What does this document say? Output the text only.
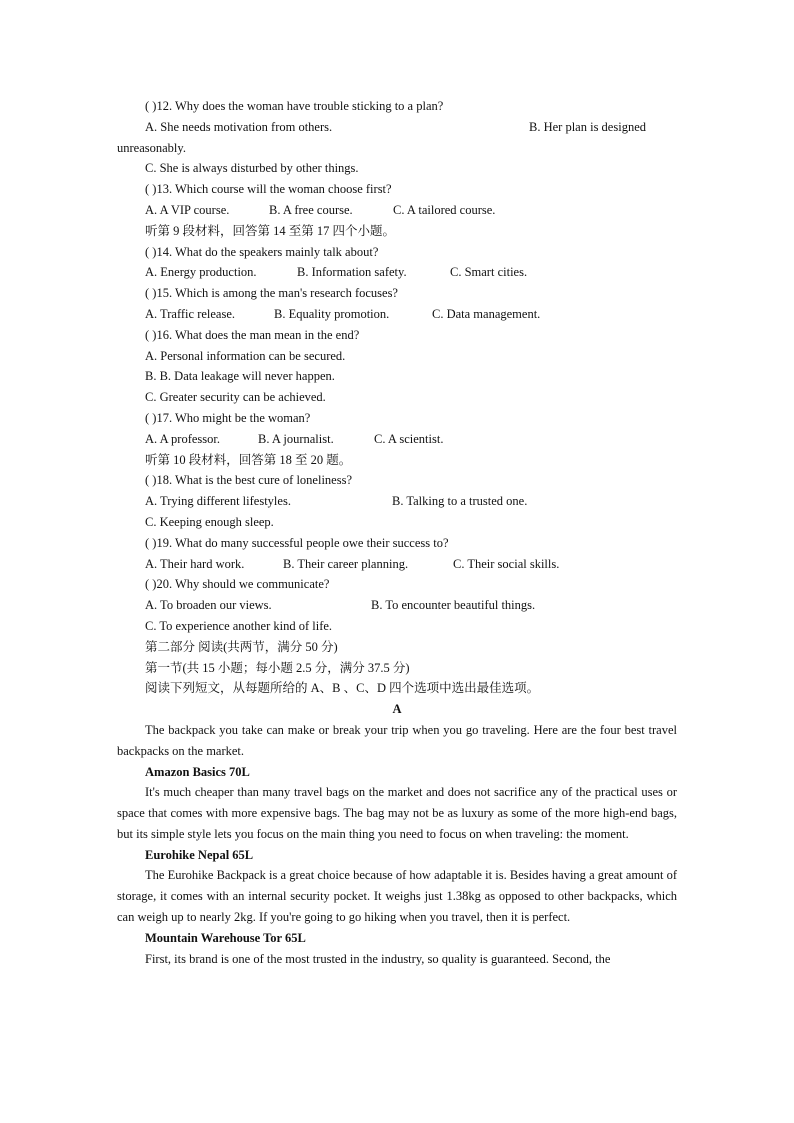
( )12. Why does the woman have trouble sticking to a plan?
A. She needs motivation from others.	B. Her plan is designed
unreasonably.
C. She is always disturbed by other things.
( )13. Which course will the woman choose first?
A. A VIP course.	B. A free course.	C. A tailored course.
听第 9 段材料，回答第 14 至第 17 四个小题。
( )14. What do the speakers mainly talk about?
A. Energy production.	B. Information safety.	C. Smart cities.
( )15. Which is among the man's research focuses?
A. Traffic release.	B. Equality promotion.	C. Data management.
( )16. What does the man mean in the end?
A. Personal information can be secured.
B. B. Data leakage will never happen.
C. Greater security can be achieved.
( )17. Who might be the woman?
A. A professor.	B. A journalist.	C. A scientist.
听第 10 段材料，回答第 18 至 20 题。
( )18. What is the best cure of loneliness?
A. Trying different lifestyles.	B. Talking to a trusted one.
C. Keeping enough sleep.
( )19. What do many successful people owe their success to?
A. Their hard work.	B. Their career planning.	C. Their social skills.
( )20. Why should we communicate?
A. To broaden our views.	B. To encounter beautiful things.
C. To experience another kind of life.
第二部分 阅读(共两节，满分 50 分)
第一节(共 15 小题；每小题 2.5 分，满分 37.5 分)
阅读下列短文，从每题所给的 A、B 、C、D 四个选项中选出最佳选项。
A

The backpack you take can make or break your trip when you go traveling. Here are the four best travel backpacks on the market.

Amazon Basics 70L

It's much cheaper than many travel bags on the market and does not sacrifice any of the practical uses or space that comes with more expensive bags. The bag may not be as luxury as some of the more high-end bags, but its simple style lets you focus on the main thing you need to focus on when traveling: the moment.

Eurohike Nepal 65L

The Eurohike Backpack is a great choice because of how adaptable it is. Besides having a great amount of storage, it comes with an internal security pocket. It weighs just 1.38kg as opposed to other backpacks, which can weigh up to nearly 2kg. If you're going to go hiking when you travel, then it is perfect.

Mountain Warehouse Tor 65L

First, its brand is one of the most trusted in the industry, so quality is guaranteed. Second, the
